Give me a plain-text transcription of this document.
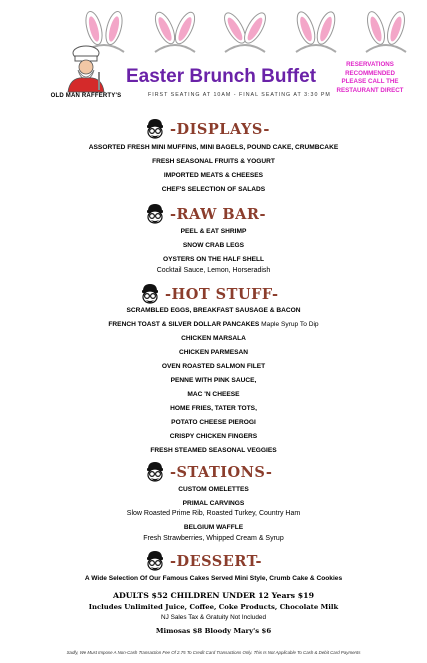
OLD MAN RAFFERTY'S
Easter Brunch Buffet
FIRST SEATING AT 10AM - FINAL SEATING AT 3:30 PM
RESERVATIONS
RECOMMENDED
PLEASE CALL THE
RESTAURANT DIRECT
-DISPLAYS-
ASSORTED FRESH MINI MUFFINS, MINI BAGELS, POUND CAKE, CRUMBCAKE
FRESH SEASONAL FRUITS & YOGURT
IMPORTED MEATS & CHEESES
CHEF'S SELECTION OF SALADS
-RAW BAR-
PEEL & EAT SHRIMP
SNOW CRAB LEGS
OYSTERS ON THE HALF SHELL
Cocktail Sauce, Lemon, Horseradish
-HOT STUFF-
SCRAMBLED EGGS, BREAKFAST SAUSAGE & BACON
FRENCH TOAST & SILVER DOLLAR PANCAKES Maple Syrup To Dip
CHICKEN MARSALA
CHICKEN PARMESAN
OVEN ROASTED SALMON FILET
PENNE WITH PINK SAUCE,
MAC 'N CHEESE
HOME FRIES, TATER TOTS,
POTATO CHEESE PIEROGI
CRISPY CHICKEN FINGERS
FRESH STEAMED SEASONAL VEGGIES
-STATIONS-
CUSTOM OMELETTES
PRIMAL CARVINGS
Slow Roasted Prime Rib, Roasted Turkey, Country Ham
BELGIUM WAFFLE
Fresh Strawberries, Whipped Cream & Syrup
-DESSERT-
A Wide Selection Of Our Famous Cakes Served Mini Style, Crumb Cake & Cookies
ADULTS $52 CHILDREN UNDER 12 Years $19
Includes Unlimited Juice, Coffee, Coke Products, Chocolate Milk
NJ Sales Tax & Gratuity Not Included
Mimosas $8 Bloody Mary's $6
Sadly, We Must Impose A Non-Cash Transaction Fee Of 2.75 To Credit Card Transactions Only. This Is Not Applicable To Cash & Debit Card Payments
